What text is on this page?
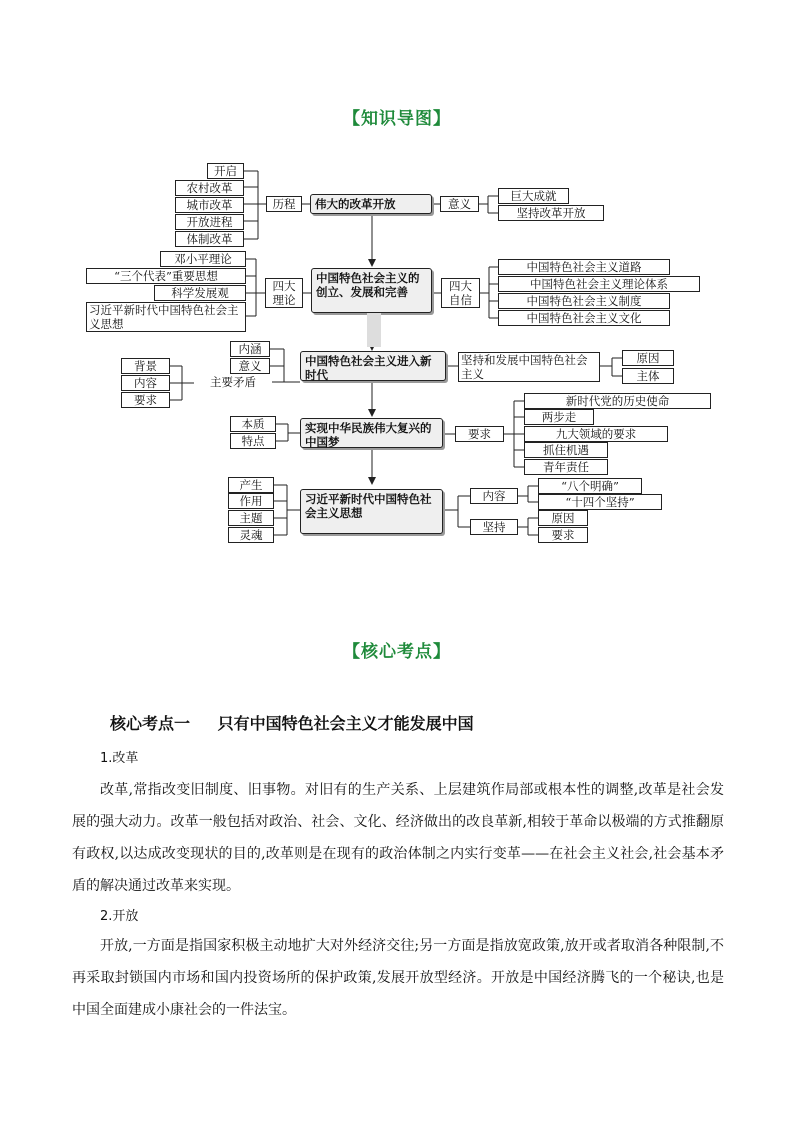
【知识导图】
开启
农村改革
城市改革
开放进程
体制改革
历程	伟大的改革开放	意义
巨大成就
坚持改革开放
邓小平理论
“三个代表”重要思想
科学发展观
习近平新时代中国特色社会主义思想
四大理论
中国特色社会主义的创立、发展和完善	四大自信
中国特色社会主义道路
中国特色社会主义理论体系
中国特色社会主义制度
中国特色社会主义文化
内涵
意义
背景
内容
要求
主要矛盾
中国特色社会主义进入新时代
坚持和发展中国特色社会主义
原因
主体
本质
特点
实现中华民族伟大复兴的中国梦
要求
新时代党的历史使命
两步走
九大领域的要求
抓住机遇
青年责任
产生
作用
主题
灵魂
习近平新时代中国特色社会主义思想
内容
“八个明确”
“十四个坚持”
坚持
原因
要求
【核心考点】
核心考点一 只有中国特色社会主义才能发展中国
1.改革
改革,常指改变旧制度、旧事物。对旧有的生产关系、上层建筑作局部或根本性的调整,改革是社会发展的强大动力。改革一般包括对政治、社会、文化、经济做出的改良革新,相较于革命以极端的方式推翻原有政权,以达成改变现状的目的,改革则是在现有的政治体制之内实行变革——在社会主义社会,社会基本矛盾的解决通过改革来实现。
2.开放
开放,一方面是指国家积极主动地扩大对外经济交往;另一方面是指放宽政策,放开或者取消各种限制,不再采取封锁国内市场和国内投资场所的保护政策,发展开放型经济。开放是中国经济腾飞的一个秘诀,也是中国全面建成小康社会的一件法宝。
